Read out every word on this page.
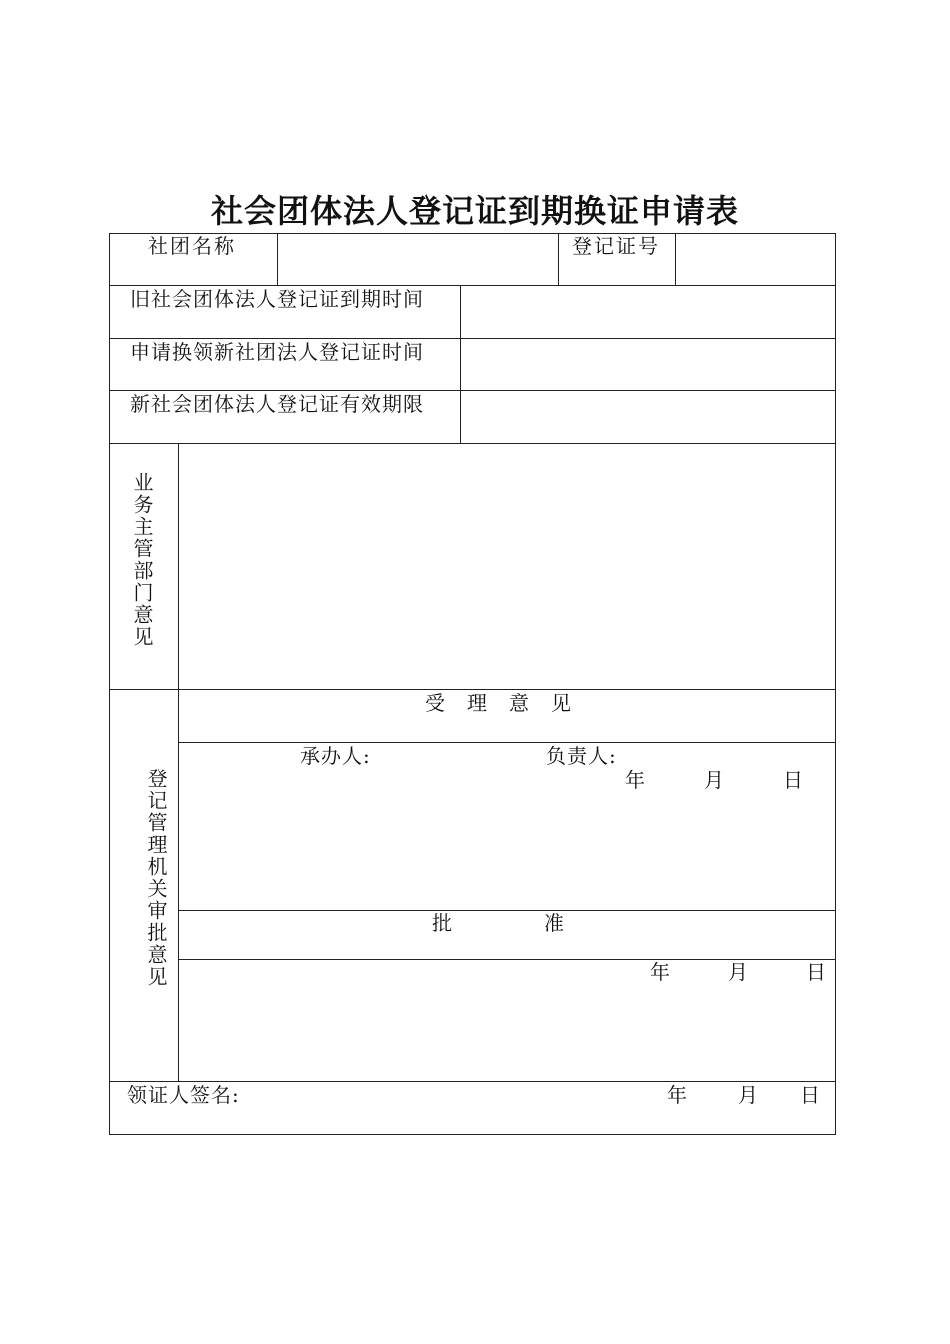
社会团体法人登记证到期换证申请表
社团名称	登记证号
旧社会团体法人登记证到期时间
申请换领新社团法人登记证时间
新社会团体法人登记证有效期限
业务主管部门意见
登记管理机关审批意见
受理意见
承办人:	负责人:
年	月	日
批　　　准
年	月	日
领证人签名:	年 月 日
